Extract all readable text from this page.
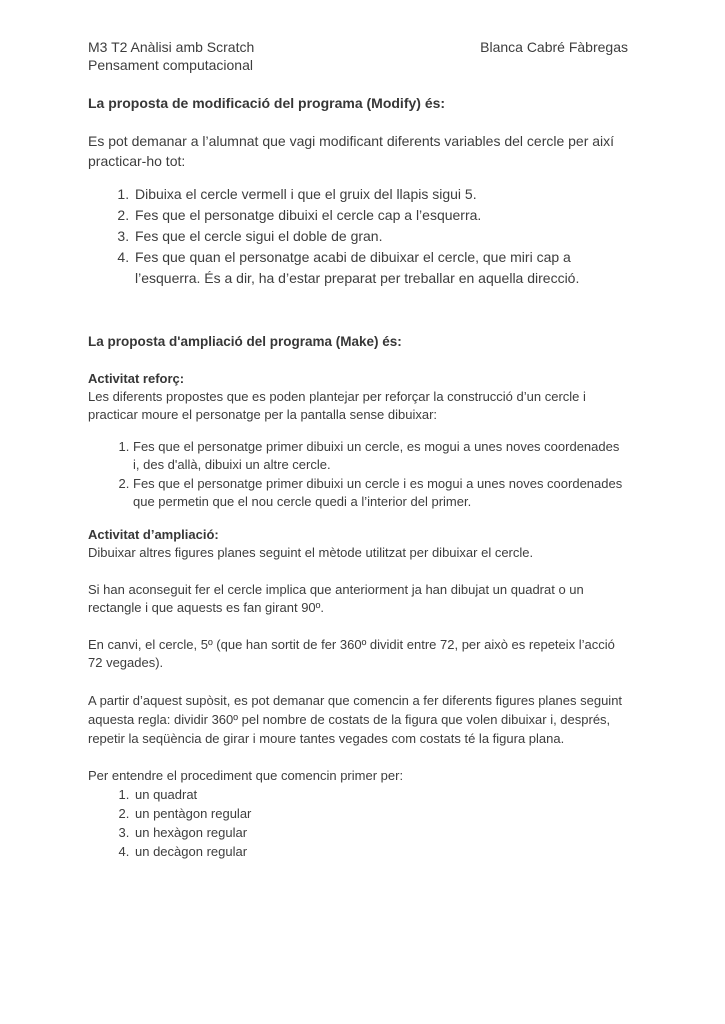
M3 T2 Anàlisi amb Scratch	Blanca Cabré Fàbregas
Pensament computacional
La proposta de modificació del programa (Modify) és:

Es pot demanar a l’alumnat que vagi modificant diferents variables del cercle per així practicar-ho tot:

1. Dibuixa el cercle vermell i que el gruix del llapis sigui 5.
2. Fes que el personatge dibuixi el cercle cap a l’esquerra.
3. Fes que el cercle sigui el doble de gran.
4. Fes que quan el personatge acabi de dibuixar el cercle, que miri cap a l’esquerra. És a dir, ha d’estar preparat per treballar en aquella direcció.
La proposta d'ampliació del programa (Make) és:
Activitat reforç:

Les diferents propostes que es poden plantejar per reforçar la construcció d’un cercle i practicar moure el personatge per la pantalla sense dibuixar:

1. Fes que el personatge primer dibuixi un cercle, es mogui a unes noves coordenades i, des d'allà, dibuixi un altre cercle.
2. Fes que el personatge primer dibuixi un cercle i es mogui a unes noves coordenades que permetin que el nou cercle quedi a l’interior del primer.
Activitat d’ampliació:

Dibuixar altres figures planes seguint el mètode utilitzat per dibuixar el cercle.

Si han aconseguit fer el cercle implica que anteriorment ja han dibujat un quadrat o un rectangle i que aquests es fan girant 90º.

En canvi, el cercle, 5º (que han sortit de fer 360º dividit entre 72, per això es repeteix l’acció 72 vegades).

A partir d’aquest supòsit, es pot demanar que comencin a fer diferents figures planes seguint aquesta regla: dividir 360º pel nombre de costats de la figura que volen dibuixar i, després, repetir la seqüència de girar i moure tantes vegades com costats té la figura plana.

Per entendre el procediment que comencin primer per:

1. un quadrat
2. un pentàgon regular
3. un hexàgon regular
4. un decàgon regular
